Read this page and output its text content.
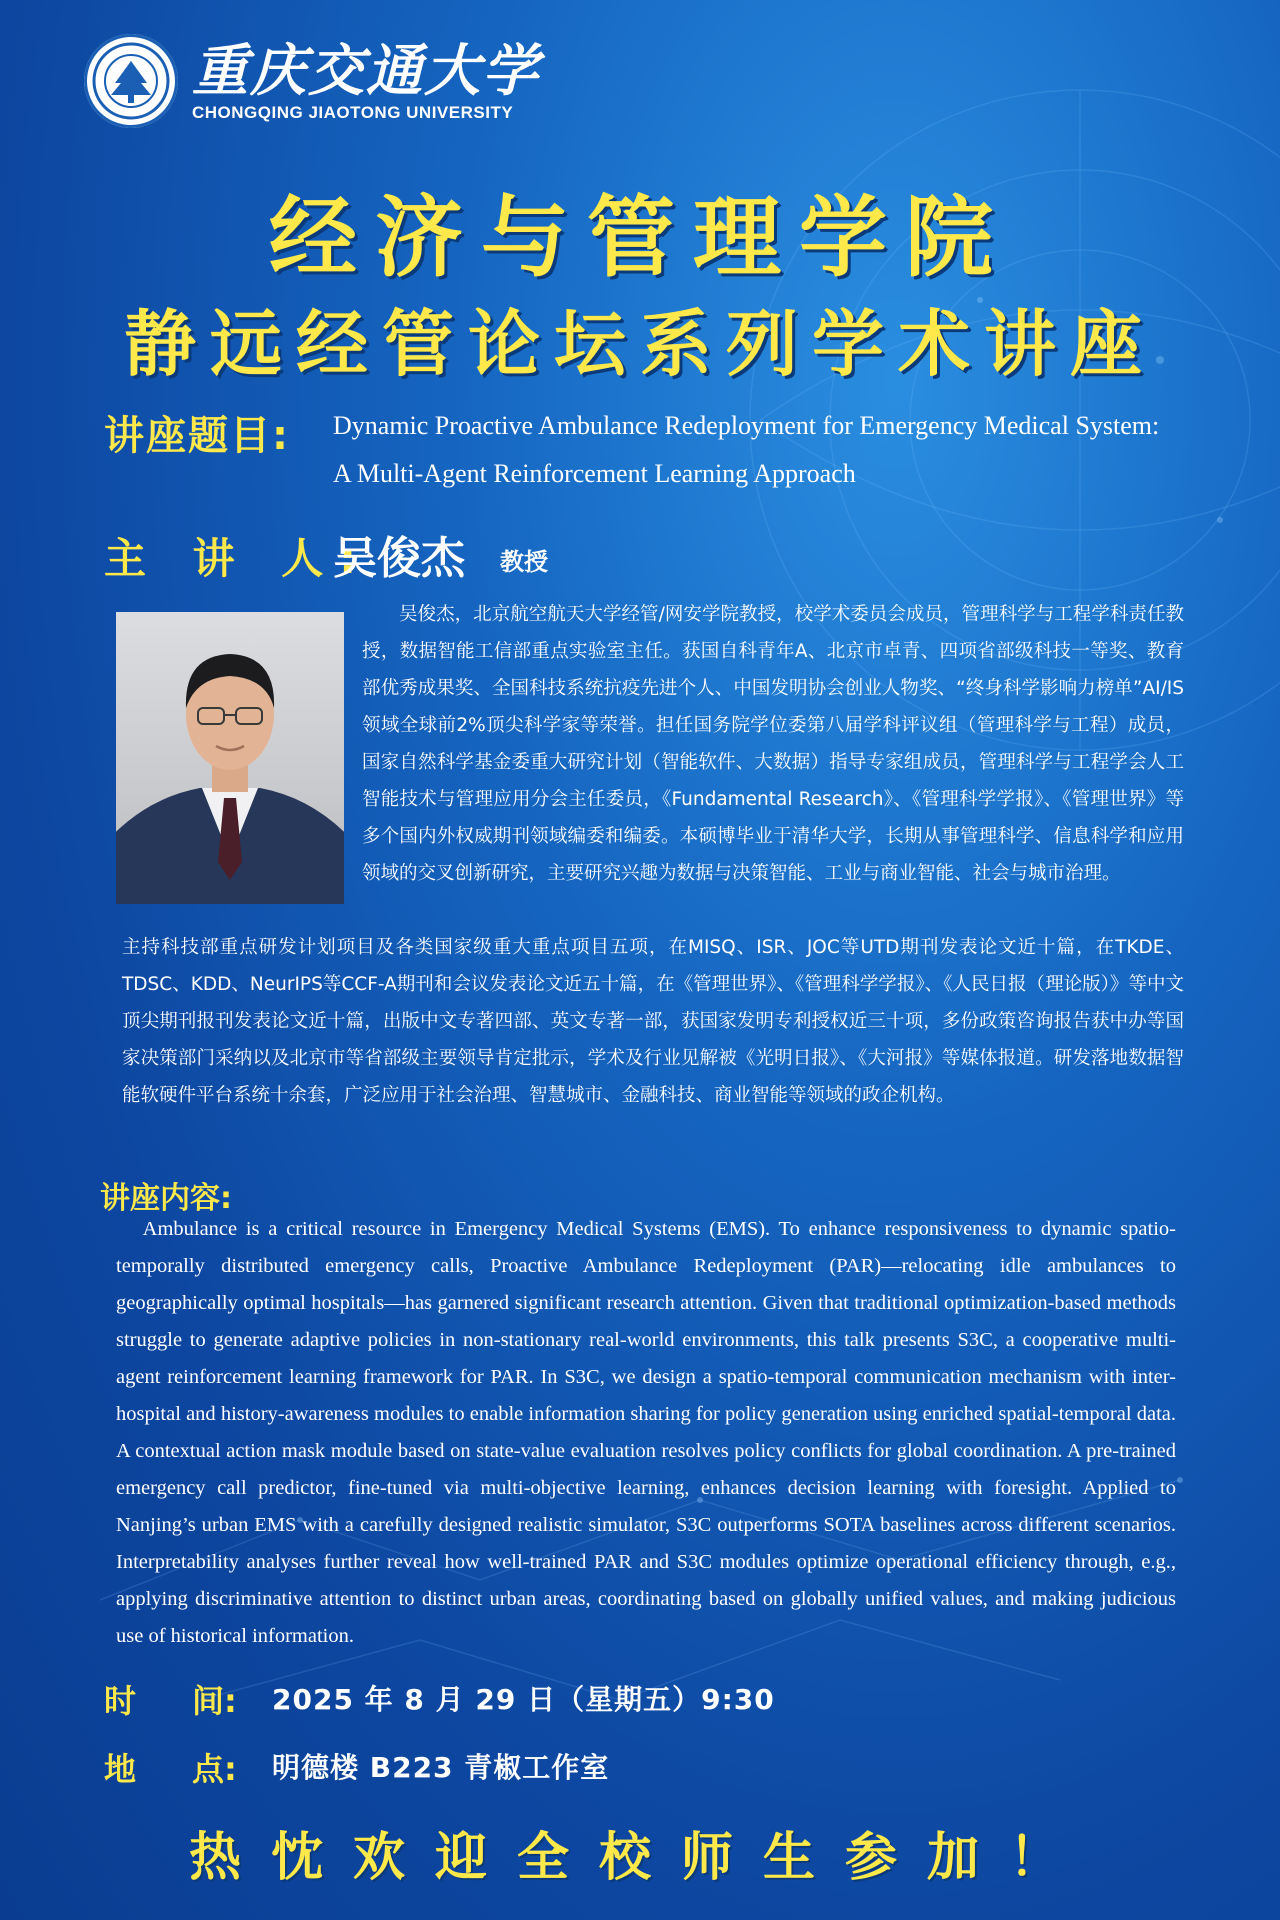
重庆交通大学
CHONGQING JIAOTONG UNIVERSITY
经济与管理学院
静远经管论坛系列学术讲座
讲座题目: Dynamic Proactive Ambulance Redeployment for Emergency Medical System:
A Multi-Agent Reinforcement Learning Approach
主 讲 人:
吴俊杰 教授

吴俊杰，北京航空航天大学经管/网安学院教授，校学术委员会成员，管理科学与工程学科责任教授，数据智能工信部重点实验室主任。获国自科青年A、北京市卓青、四项省部级科技一等奖、教育部优秀成果奖、全国科技系统抗疫先进个人、中国发明协会创业人物奖、“终身科学影响力榜单”AI/IS领域全球前2%顶尖科学家等荣誉。担任国务院学位委第八届学科评议组（管理科学与工程）成员，国家自然科学基金委重大研究计划（智能软件、大数据）指导专家组成员，管理科学与工程学会人工智能技术与管理应用分会主任委员，《Fundamental Research》、《管理科学学报》、《管理世界》等多个国内外权威期刊领域编委和编委。本硕博毕业于清华大学，长期从事管理科学、信息科学和应用领域的交叉创新研究，主要研究兴趣为数据与决策智能、工业与商业智能、社会与城市治理。

主持科技部重点研发计划项目及各类国家级重大重点项目五项，在MISQ、ISR、JOC等UTD期刊发表论文近十篇，在TKDE、TDSC、KDD、NeurIPS等CCF-A期刊和会议发表论文近五十篇，在《管理世界》、《管理科学学报》、《人民日报（理论版）》等中文顶尖期刊报刊发表论文近十篇，出版中文专著四部、英文专著一部，获国家发明专利授权近三十项，多份政策咨询报告获中办等国家决策部门采纳以及北京市等省部级主要领导肯定批示，学术及行业见解被《光明日报》、《大河报》等媒体报道。研发落地数据智能软硬件平台系统十余套，广泛应用于社会治理、智慧城市、金融科技、商业智能等领域的政企机构。

讲座内容:

Ambulance is a critical resource in Emergency Medical Systems (EMS). To enhance responsiveness to dynamic spatio-temporally distributed emergency calls, Proactive Ambulance Redeployment (PAR)—relocating idle ambulances to geographically optimal hospitals—has garnered significant research attention. Given that traditional optimization-based methods struggle to generate adaptive policies in non-stationary real-world environments, this talk presents S3C, a cooperative multi-agent reinforcement learning framework for PAR. In S3C, we design a spatio-temporal communication mechanism with inter-hospital and history-awareness modules to enable information sharing for policy generation using enriched spatial-temporal data. A contextual action mask module based on state-value evaluation resolves policy conflicts for global coordination. A pre-trained emergency call predictor, fine-tuned via multi-objective learning, enhances decision learning with foresight. Applied to Nanjing’s urban EMS with a carefully designed realistic simulator, S3C outperforms SOTA baselines across different scenarios. Interpretability analyses further reveal how well-trained PAR and S3C modules optimize operational efficiency through, e.g., applying discriminative attention to distinct urban areas, coordinating based on globally unified values, and making judicious use of historical information.

时 间: 2025 年 8 月 29 日（星期五）9:30
地 点: 明德楼 B223 青椒工作室
热忱欢迎全校师生参加！
